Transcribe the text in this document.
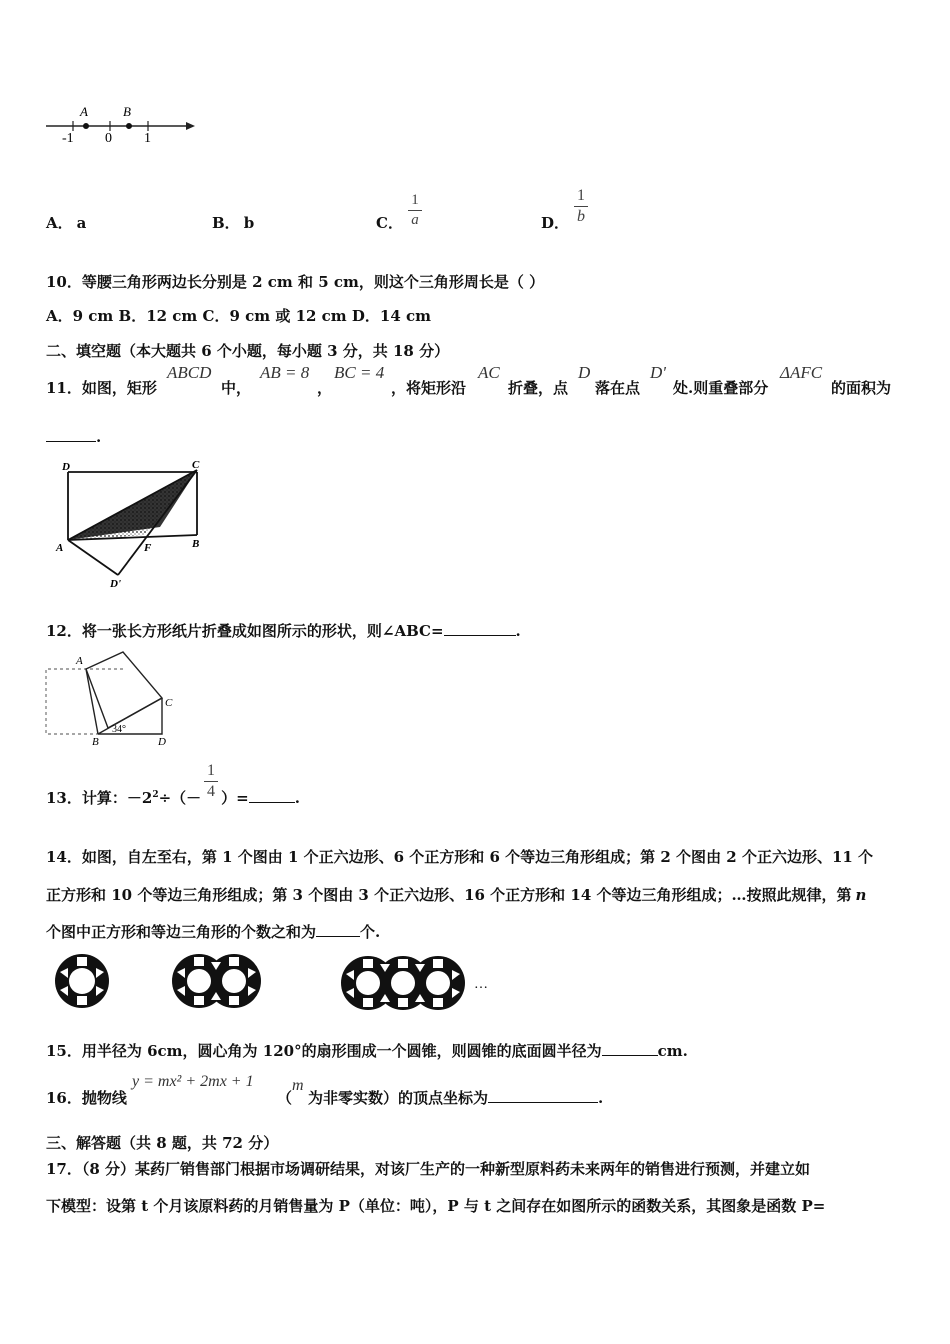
A	B
-1 0 1
A． a	B． b	C．
1
a	D．
1
b
10．等腰三角形两边长分别是 2 cm 和 5 cm，则这个三角形周长是（ ）
A．9 cm B．12 cm C．9 cm 或 12 cm D．14 cm
二、填空题（本大题共 6 个小题，每小题 3 分，共 18 分）
11．如图，矩形
ABCD
中，
AB = 8
，
BC = 4
，将矩形沿
AC
折叠，点
D
落在点
D'
处.则重叠部分
ΔAFC
的面积为
.
D	C
A	F	B
D'
12．将一张长方形纸片折叠成如图所示的形状，则∠ABC=	.
A
C
B	D
34°
13．计算：$-2^2\div(-$ ）=	.
1
4
14．如图，自左至右，第 1 个图由 1 个正六边形、6 个正方形和 6 个等边三角形组成；第 2 个图由 2 个正六边形、11 个
正方形和 10 个等边三角形组成；第 3 个图由 3 个正六边形、16 个正方形和 14 个等边三角形组成；…按照此规律，第 n
个图中正方形和等边三角形的个数之和为	个.
…
15．用半径为 6cm，圆心角为 120°的扇形围成一个圆锥，则圆锥的底面圆半径为	cm.
16．抛物线
y = mx² + 2mx + 1
（
m
为非零实数）的顶点坐标为	.
三、解答题（共 8 题，共 72 分）
17．（8 分）某药厂销售部门根据市场调研结果，对该厂生产的一种新型原料药未来两年的销售进行预测，并建立如
下模型：设第 t 个月该原料药的月销售量为 P（单位：吨），P 与 t 之间存在如图所示的函数关系，其图象是函数 P=
